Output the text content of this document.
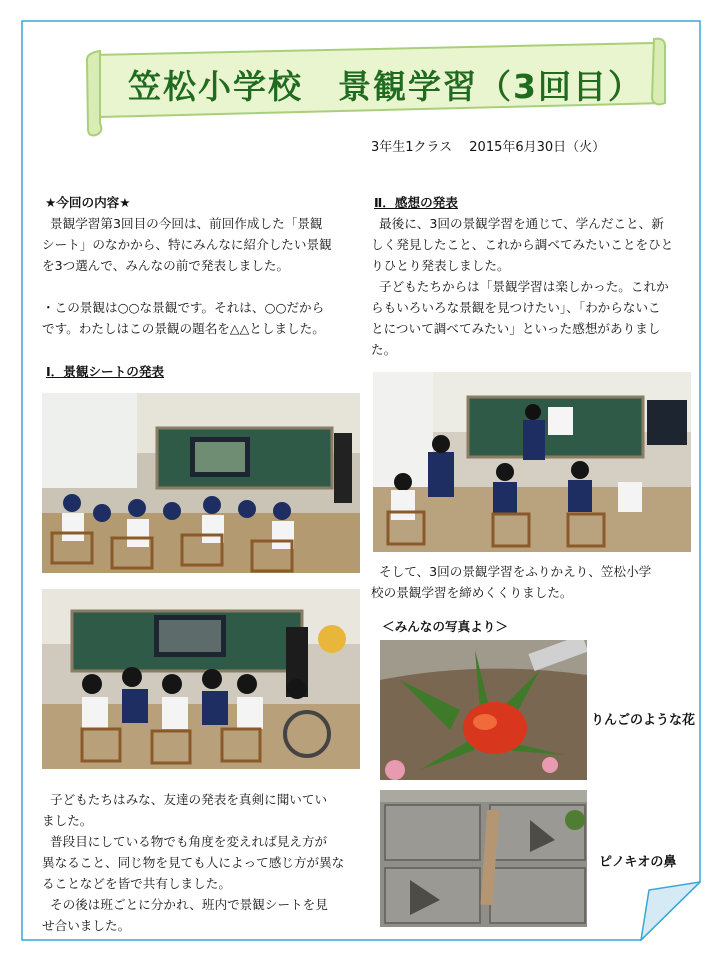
笠松小学校　景観学習（3回目）
3年生1クラス　 2015年6月30日（火）
★今回の内容★
景観学習第3回目の今回は、前回作成した「景観
シート」のなかから、特にみんなに紹介したい景観
を3つ選んで、みんなの前で発表しました。
・この景観は○○な景観です。それは、○○だから
です。わたしはこの景観の題名を△△としました。
Ⅰ．景観シートの発表
子どもたちはみな、友達の発表を真剣に聞いてい
ました。
普段目にしている物でも角度を変えれば見え方が
異なること、同じ物を見ても人によって感じ方が異な
ることなどを皆で共有しました。
その後は班ごとに分かれ、班内で景観シートを見
せ合いました。
Ⅱ．感想の発表
最後に、3回の景観学習を通じて、学んだこと、新
しく発見したこと、これから調べてみたいことをひと
りひとり発表しました。
子どもたちからは「景観学習は楽しかった。これか
らもいろいろな景観を見つけたい」、「わからないこ
とについて調べてみたい」といった感想がありまし
た。
そして、3回の景観学習をふりかえり、笠松小学
校の景観学習を締めくくりました。
＜みんなの写真より＞
りんごのような花
ピノキオの鼻
